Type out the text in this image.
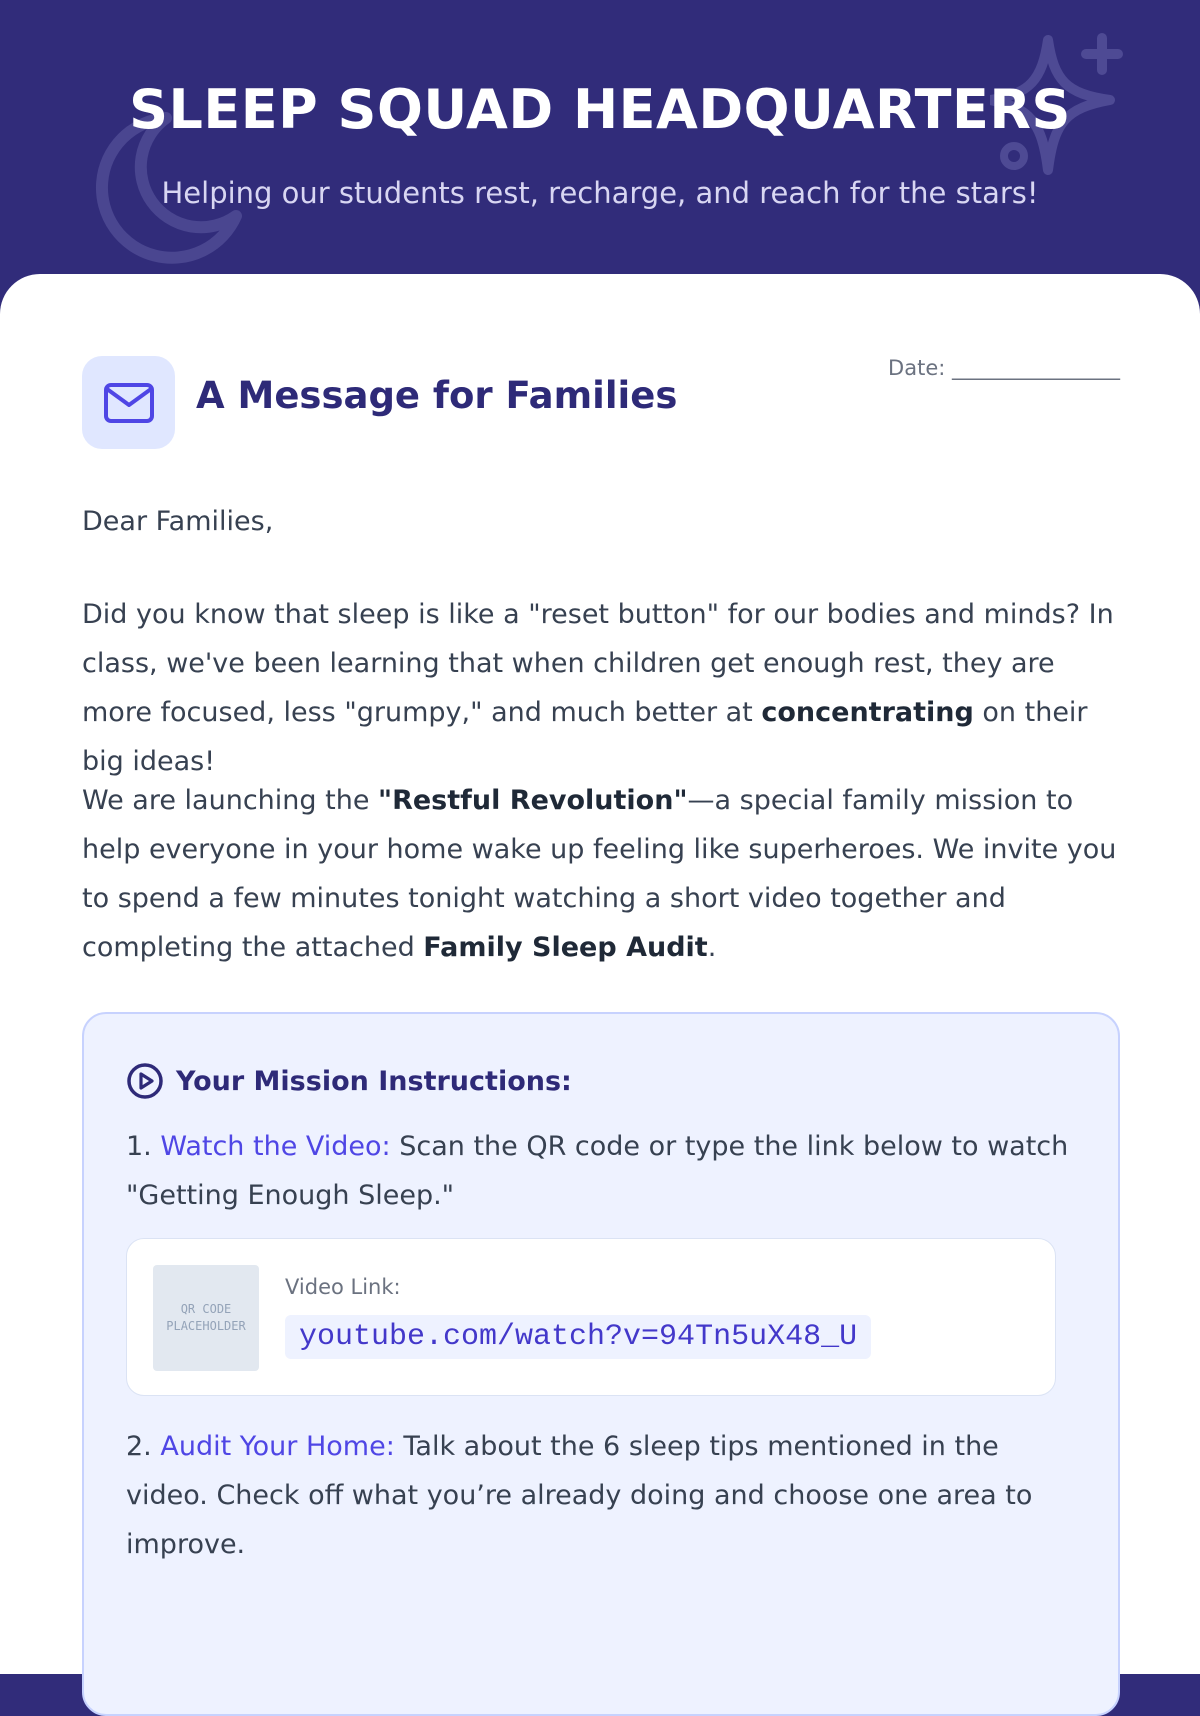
SLEEP SQUAD HEADQUARTERS

Helping our students rest, recharge, and reach for the stars!

A Message for Families
Date: ________________
Dear Families,

Did you know that sleep is like a "reset button" for our bodies and minds? In class, we've been learning that when children get enough rest, they are more focused, less "grumpy," and much better at concentrating on their big ideas!

We are launching the "Restful Revolution"—a special family mission to help everyone in your home wake up feeling like superheroes. We invite you to spend a few minutes tonight watching a short video together and completing the attached Family Sleep Audit.

Your Mission Instructions:

1. Watch the Video: Scan the QR code or type the link below to watch "Getting Enough Sleep."

QR CODE PLACEHOLDER
Video Link:
youtube.com/watch?v=94Tn5uX48_U

2. Audit Your Home: Talk about the 6 sleep tips mentioned in the video. Check off what you’re already doing and choose one area to improve.
